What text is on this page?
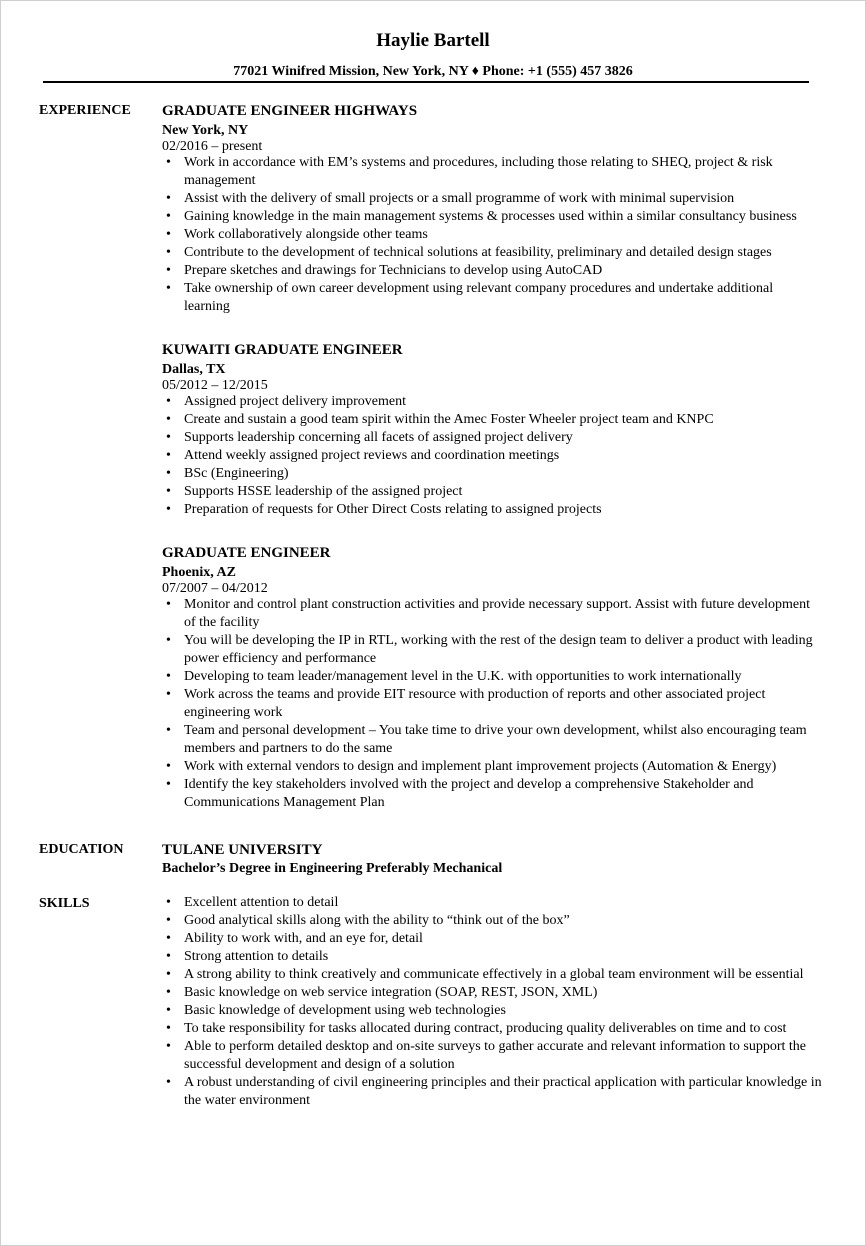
Haylie Bartell
77021 Winifred Mission, New York, NY ♦ Phone: +1 (555) 457 3826
EXPERIENCE GRADUATE ENGINEER HIGHWAYS
New York, NY
02/2016 – present
• Work in accordance with EM’s systems and procedures, including those relating to SHEQ, project & risk management
• Assist with the delivery of small projects or a small programme of work with minimal supervision
• Gaining knowledge in the main management systems & processes used within a similar consultancy business
• Work collaboratively alongside other teams
• Contribute to the development of technical solutions at feasibility, preliminary and detailed design stages
• Prepare sketches and drawings for Technicians to develop using AutoCAD
• Take ownership of own career development using relevant company procedures and undertake additional learning
KUWAITI GRADUATE ENGINEER
Dallas, TX
05/2012 – 12/2015
• Assigned project delivery improvement
• Create and sustain a good team spirit within the Amec Foster Wheeler project team and KNPC
• Supports leadership concerning all facets of assigned project delivery
• Attend weekly assigned project reviews and coordination meetings
• BSc (Engineering)
• Supports HSSE leadership of the assigned project
• Preparation of requests for Other Direct Costs relating to assigned projects
GRADUATE ENGINEER
Phoenix, AZ
07/2007 – 04/2012
• Monitor and control plant construction activities and provide necessary support. Assist with future development of the facility
• You will be developing the IP in RTL, working with the rest of the design team to deliver a product with leading power efficiency and performance
• Developing to team leader/management level in the U.K. with opportunities to work internationally
• Work across the teams and provide EIT resource with production of reports and other associated project engineering work
• Team and personal development – You take time to drive your own development, whilst also encouraging team members and partners to do the same
• Work with external vendors to design and implement plant improvement projects (Automation & Energy)
• Identify the key stakeholders involved with the project and develop a comprehensive Stakeholder and Communications Management Plan
EDUCATION	TULANE UNIVERSITY
Bachelor’s Degree in Engineering Preferably Mechanical
SKILLS
•	Excellent attention to detail
• Good analytical skills along with the ability to “think out of the box”
• Ability to work with, and an eye for, detail
• Strong attention to details
• A strong ability to think creatively and communicate effectively in a global team environment will be essential
• Basic knowledge on web service integration (SOAP, REST, JSON, XML)
• Basic knowledge of development using web technologies
• To take responsibility for tasks allocated during contract, producing quality deliverables on time and to cost
• Able to perform detailed desktop and on-site surveys to gather accurate and relevant information to support the successful development and design of a solution
• A robust understanding of civil engineering principles and their practical application with particular knowledge in the water environment
